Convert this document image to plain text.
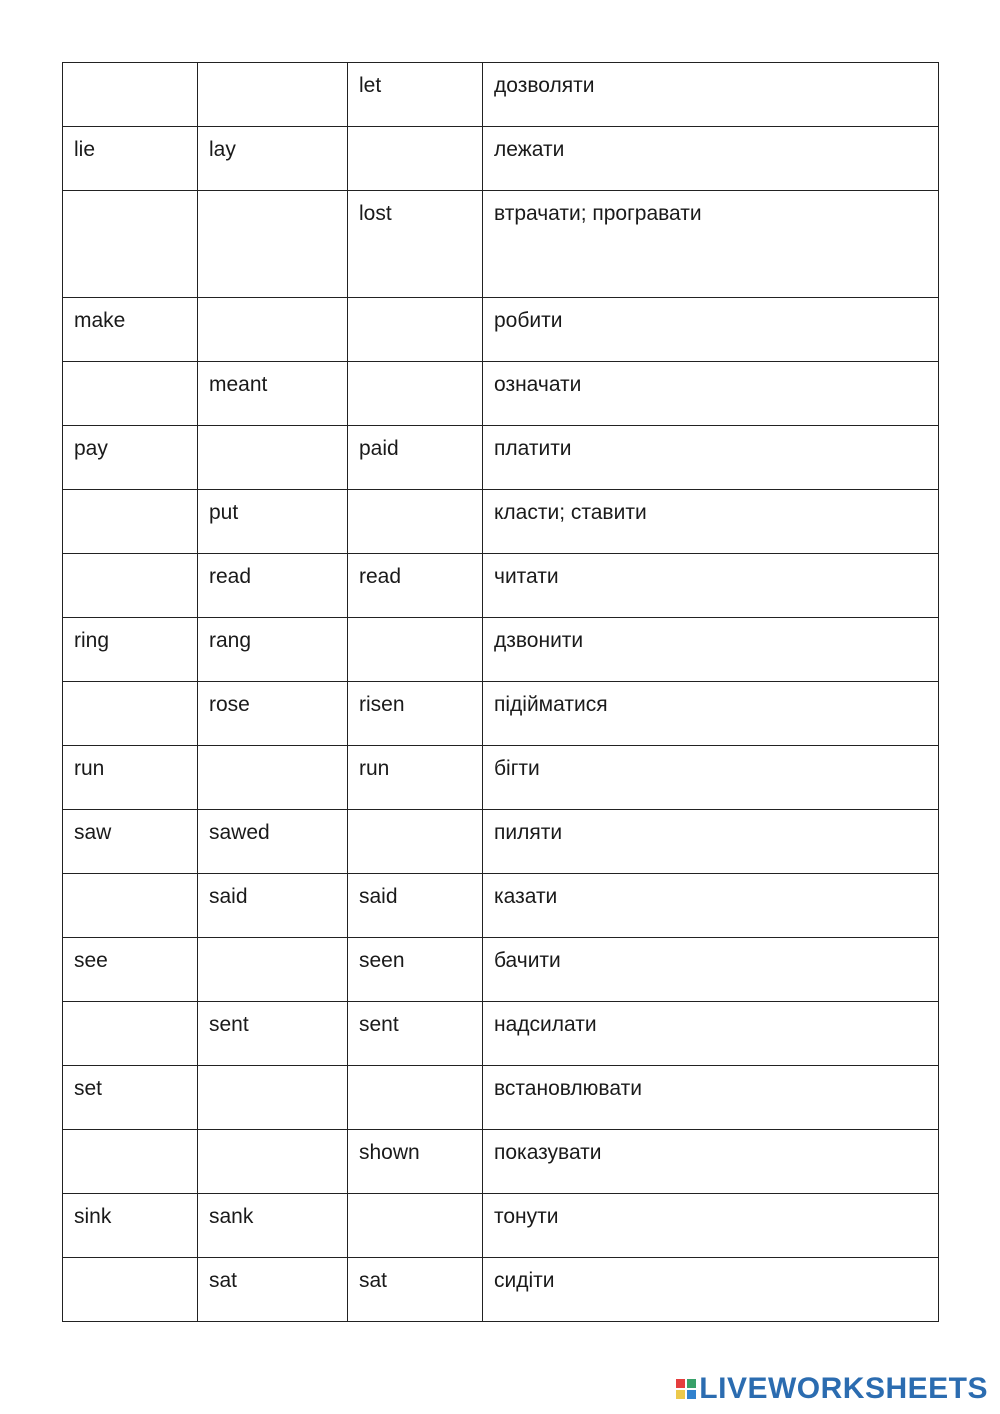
		let	дозволяти
lie	lay		лежати
		lost	втрачати; програвати
make			робити
	meant		означати
pay		paid	платити
	put		класти; ставити
	read	read	читати
ring	rang		дзвонити
	rose	risen	підійматися
run		run	бігти
saw	sawed		пиляти
	said	said	казати
see		seen	бачити
	sent	sent	надсилати
set			встановлювати
		shown	показувати
sink	sank		тонути
	sat	sat	сидіти
LIVEWORKSHEETS
